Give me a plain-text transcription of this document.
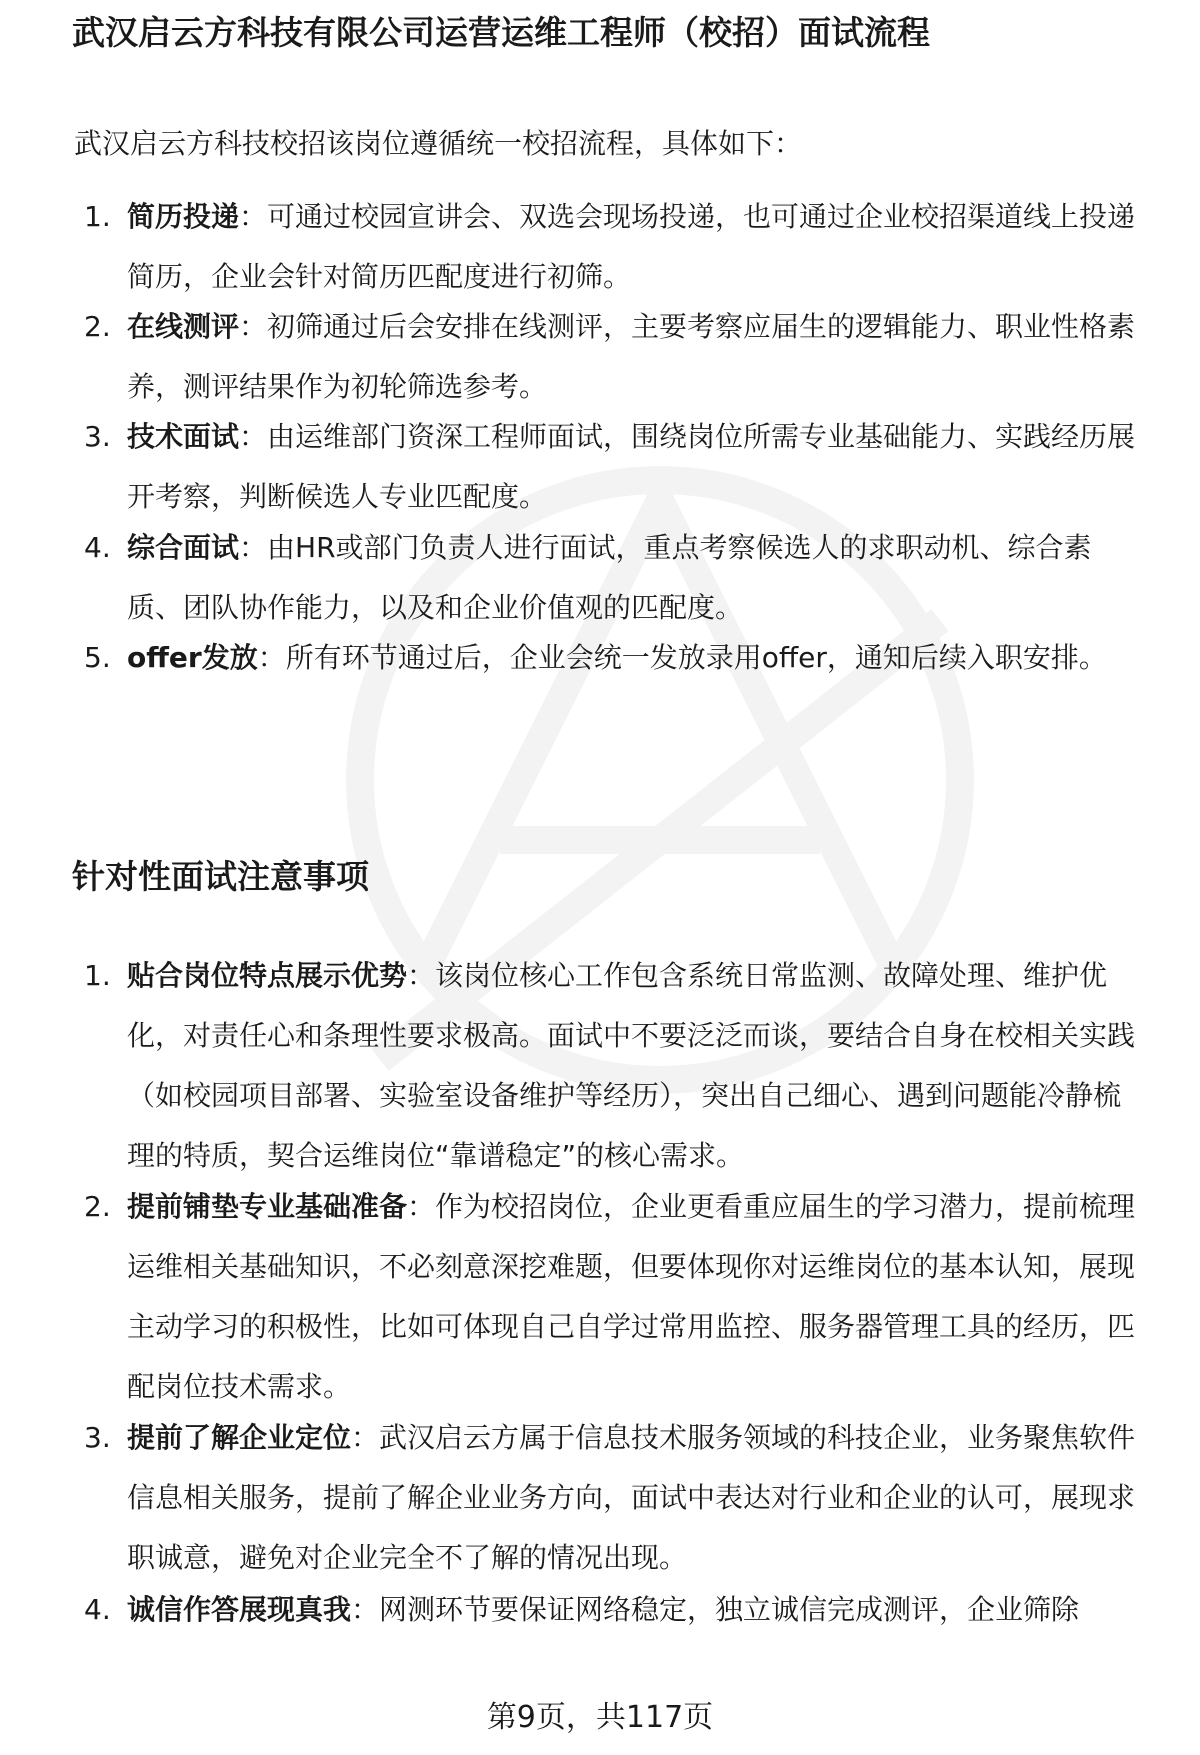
武汉启云方科技有限公司运营运维工程师（校招）面试流程
武汉启云方科技校招该岗位遵循统一校招流程，具体如下：
1. 简历投递：可通过校园宣讲会、双选会现场投递，也可通过企业校招渠道线上投递简历，企业会针对简历匹配度进行初筛。
2. 在线测评：初筛通过后会安排在线测评，主要考察应届生的逻辑能力、职业性格素养，测评结果作为初轮筛选参考。
3. 技术面试：由运维部门资深工程师面试，围绕岗位所需专业基础能力、实践经历展开考察，判断候选人专业匹配度。
4. 综合面试：由HR或部门负责人进行面试，重点考察候选人的求职动机、综合素质、团队协作能力，以及和企业价值观的匹配度。
5. offer发放：所有环节通过后，企业会统一发放录用offer，通知后续入职安排。
针对性面试注意事项
1. 贴合岗位特点展示优势：该岗位核心工作包含系统日常监测、故障处理、维护优化，对责任心和条理性要求极高。面试中不要泛泛而谈，要结合自身在校相关实践（如校园项目部署、实验室设备维护等经历），突出自己细心、遇到问题能冷静梳理的特质，契合运维岗位“靠谱稳定”的核心需求。
2. 提前铺垫专业基础准备：作为校招岗位，企业更看重应届生的学习潜力，提前梳理运维相关基础知识，不必刻意深挖难题，但要体现你对运维岗位的基本认知，展现主动学习的积极性，比如可体现自己自学过常用监控、服务器管理工具的经历，匹配岗位技术需求。
3. 提前了解企业定位：武汉启云方属于信息技术服务领域的科技企业，业务聚焦软件信息相关服务，提前了解企业业务方向，面试中表达对行业和企业的认可，展现求职诚意，避免对企业完全不了解的情况出现。
4. 诚信作答展现真我：网测环节要保证网络稳定，独立诚信完成测评，企业筛除
第9页，共117页
